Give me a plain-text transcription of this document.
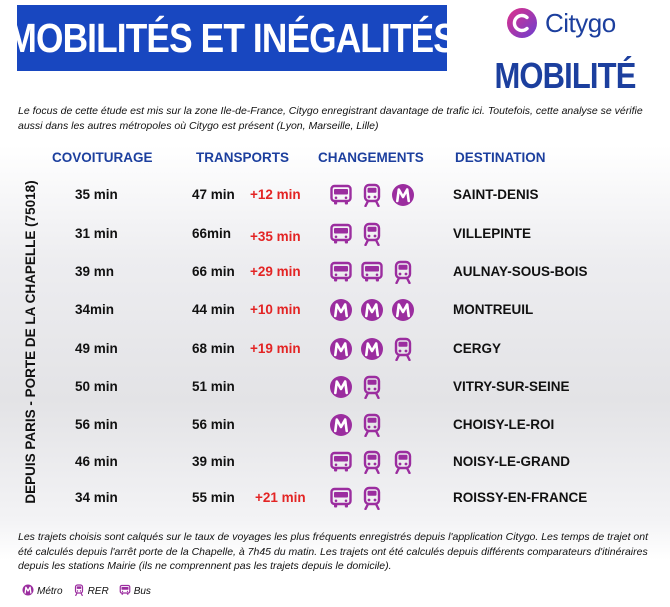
MOBILITÉS ET INÉGALITÉS	Citygo
MOBILITÉ
Le focus de cette étude est mis sur la zone Ile-de-France, Citygo enregistrant davantage de trafic ici. Toutefois, cette analyse se vérifie aussi dans les autres métropoles où Citygo est présent (Lyon, Marseille, Lille)
COVOITURAGE	TRANSPORTS CHANGEMENTS DESTINATION
DEPUIS PARIS - PORTE DE LA CHAPELLE (75018)	35 min	47 min +12 min	SAINT-DENIS
31 min	66min +35 min	VILLEPINTE
39 mn	66 min +29 min	AULNAY-SOUS-BOIS
34min	44 min +10 min	MONTREUIL
49 min	68 min +19 min	CERGY
50 min	51 min	VITRY-SUR-SEINE
56 min	56 min	CHOISY-LE-ROI
46 min	39 min	NOISY-LE-GRAND
34 min	55 min +21 min	ROISSY-EN-FRANCE
Les trajets choisis sont calqués sur le taux de voyages les plus fréquents enregistrés depuis l'application Citygo. Les temps de trajet ont été calculés depuis l'arrêt porte de la Chapelle, à 7h45 du matin. Les trajets ont été calculés depuis différents comparateurs d'itinéraires depuis les stations Mairie (ils ne comprennent pas les trajets depuis le domicile).
Métro	RER	Bus
